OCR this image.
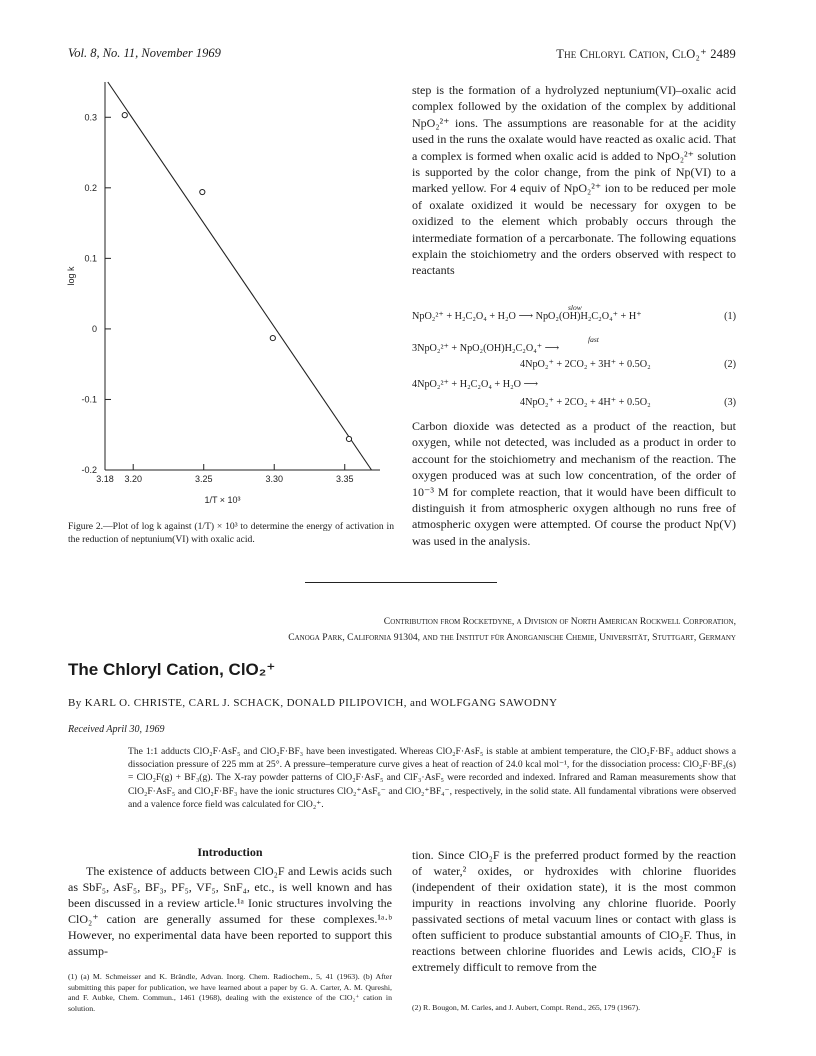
Vol. 8, No. 11, November 1969	The Chloryl Cation, ClO₂⁺ 2489
0.3
0.2
0.1
0
-0.1
-0.2
3.18 3.20	3.25	3.30	3.35
log k
1/T × 10³
Figure 2.—Plot of log k against (1/T) × 10³ to determine the energy of activation in the reduction of neptunium(VI) with oxalic acid.
step is the formation of a hydrolyzed neptunium(VI)–oxalic acid complex followed by the oxidation of the complex by additional NpO₂²⁺ ions. The assumptions are reasonable for at the acidity used in the runs the oxalate would have reacted as oxalic acid. That a complex is formed when oxalic acid is added to NpO₂²⁺ solution is supported by the color change, from the pink of Np(VI) to a marked yellow. For 4 equiv of NpO₂²⁺ ion to be reduced per mole of oxalate oxidized it would be necessary for oxygen to be oxidized to the element which probably occurs through the intermediate formation of a percarbonate. The following equations explain the stoichiometry and the orders observed with respect to reactants
slow
NpO₂²⁺ + H₂C₂O₄ + H₂O ⟶ NpO₂(OH)H₂C₂O₄⁺ + H⁺	(1)
fast
3NpO₂²⁺ + NpO₂(OH)H₂C₂O₄⁺ ⟶
4NpO₂⁺ + 2CO₂ + 3H⁺ + 0.5O₂	(2)
4NpO₂²⁺ + H₂C₂O₄ + H₂O ⟶
4NpO₂⁺ + 2CO₂ + 4H⁺ + 0.5O₂	(3)
Carbon dioxide was detected as a product of the reaction, but oxygen, while not detected, was included as a product in order to account for the stoichiometry and mechanism of the reaction. The oxygen produced was at such low concentration, of the order of 10⁻³ M for complete reaction, that it would have been difficult to distinguish it from atmospheric oxygen although no runs free of atmospheric oxygen were attempted. Of course the product Np(V) was used in the analysis.
Contribution from Rocketdyne, a Division of North American Rockwell Corporation,
Canoga Park, California 91304, and the Institut für Anorganische Chemie, Universität, Stuttgart, Germany
The Chloryl Cation, ClO₂⁺
By KARL O. CHRISTE, CARL J. SCHACK, DONALD PILIPOVICH, and WOLFGANG SAWODNY
Received April 30, 1969
The 1:1 adducts ClO₂F·AsF₅ and ClO₂F·BF₃ have been investigated. Whereas ClO₂F·AsF₅ is stable at ambient temperature, the ClO₂F·BF₃ adduct shows a dissociation pressure of 225 mm at 25°. A pressure–temperature curve gives a heat of reaction of 24.0 kcal mol⁻¹, for the dissociation process: ClO₂F·BF₃(s) = ClO₂F(g) + BF₃(g). The X-ray powder patterns of ClO₂F·AsF₅ and ClF₃·AsF₅ were recorded and indexed. Infrared and Raman measurements show that ClO₂F·AsF₅ and ClO₂F·BF₃ have the ionic structures ClO₂⁺AsF₆⁻ and ClO₂⁺BF₄⁻, respectively, in the solid state. All fundamental vibrations were observed and a valence force field was calculated for ClO₂⁺.
Introduction
The existence of adducts between ClO₂F and Lewis acids such as SbF₅, AsF₅, BF₃, PF₅, VF₅, SnF₄, etc., is well known and has been discussed in a review article.¹ᵃ Ionic structures involving the ClO₂⁺ cation are generally assumed for these complexes.¹ᵃ·ᵇ However, no experimental data have been reported to support this assump-
tion. Since ClO₂F is the preferred product formed by the reaction of water,² oxides, or hydroxides with chlorine fluorides (independent of their oxidation state), it is the most common impurity in reactions involving any chlorine fluoride. Poorly passivated sections of metal vacuum lines or contact with glass is often sufficient to produce substantial amounts of ClO₂F. Thus, in reactions between chlorine fluorides and Lewis acids, ClO₂F is extremely difficult to remove from the
(1) (a) M. Schmeisser and K. Brändle, Advan. Inorg. Chem. Radiochem., 5, 41 (1963). (b) After submitting this paper for publication, we have learned about a paper by G. A. Carter, A. M. Qureshi, and F. Aubke, Chem. Commun., 1461 (1968), dealing with the existence of the ClO₂⁺ cation in solution.	(2) R. Bougon, M. Carles, and J. Aubert, Compt. Rend., 265, 179 (1967).
